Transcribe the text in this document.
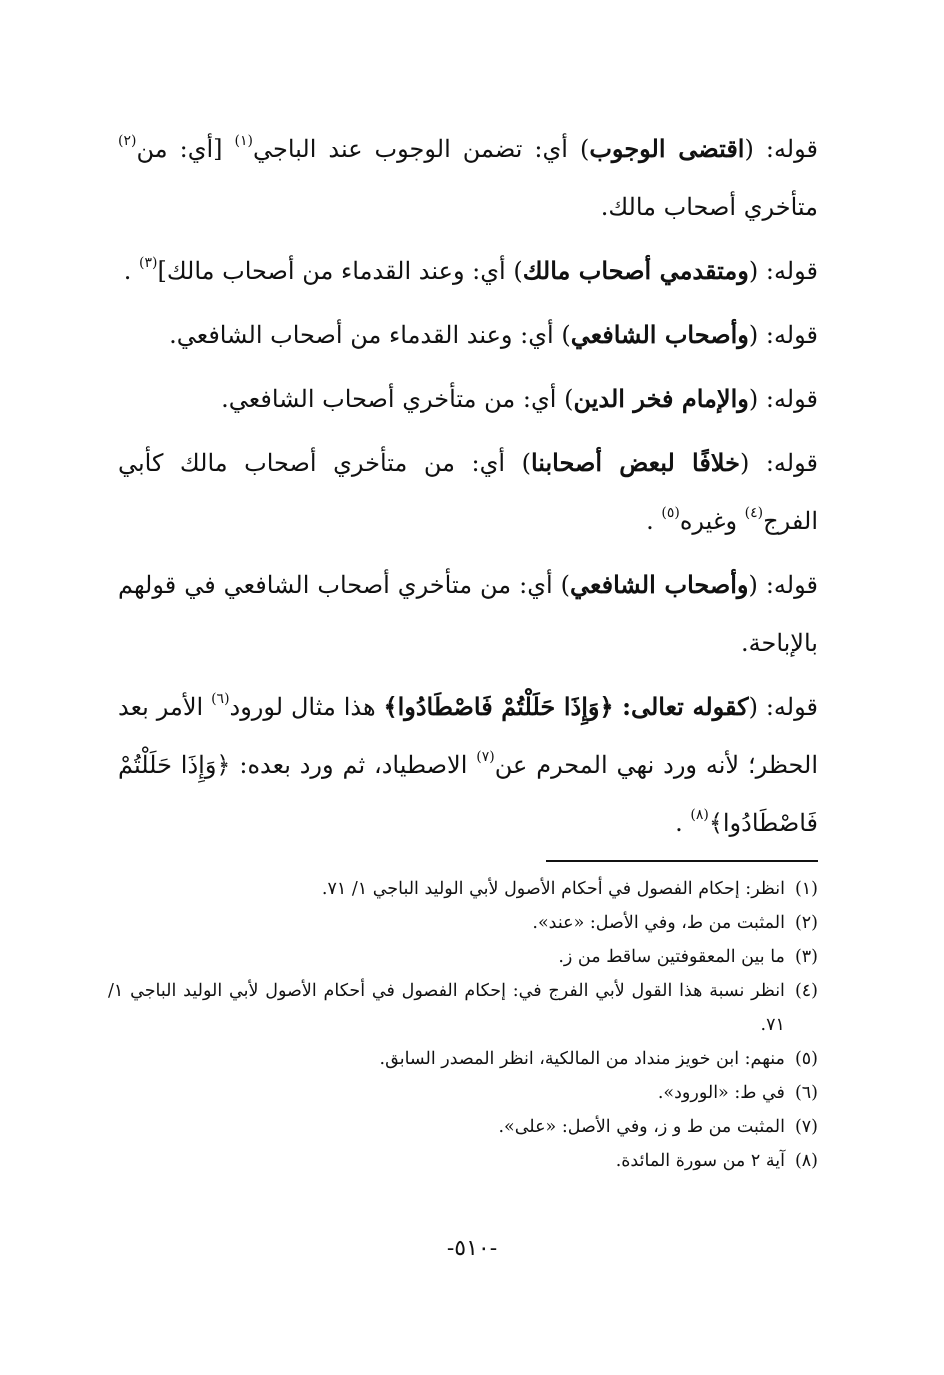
قوله: (اقتضى الوجوب) أي: تضمن الوجوب عند الباجي$^{(١)}$ [أي: من$^{(٢)}$ متأخري أصحاب مالك.

قوله: (ومتقدمي أصحاب مالك) أي: وعند القدماء من أصحاب مالك]$^{(٣)}$ .

قوله: (وأصحاب الشافعي) أي: وعند القدماء من أصحاب الشافعي.

قوله: (والإمام فخر الدين) أي: من متأخري أصحاب الشافعي.

قوله: (خلافًا لبعض أصحابنا) أي: من متأخري أصحاب مالك كأبي الفرج$^{(٤)}$ وغيره$^{(٥)}$ .

قوله: (وأصحاب الشافعي) أي: من متأخري أصحاب الشافعي في قولهم بالإباحة.

قوله: (كقوله تعالى: ﴿وَإِذَا حَلَلْتُمْ فَاصْطَادُوا﴾ هذا مثال لورود$^{(٦)}$ الأمر بعد الحظر؛ لأنه ورد نهي المحرم عن$^{(٧)}$ الاصطياد، ثم ورد بعده: ﴿وَإِذَا حَلَلْتُمْ فَاصْطَادُوا﴾$^{(٨)}$ .

(١)
انظر: إحكام الفصول في أحكام الأصول لأبي الوليد الباجي ١/ ٧١.
(٢)
المثبت من ط، وفي الأصل: «عند».
(٣)
ما بين المعقوفتين ساقط من ز.
(٤)
انظر نسبة هذا القول لأبي الفرج في: إحكام الفصول في أحكام الأصول لأبي الوليد الباجي ١/ ٧١.
(٥)
منهم: ابن خويز منداد من المالكية، انظر المصدر السابق.
(٦)
في ط: «الورود».
(٧)
المثبت من ط و ز، وفي الأصل: «على».
(٨)
آية ٢ من سورة المائدة.
-٥١٠-
